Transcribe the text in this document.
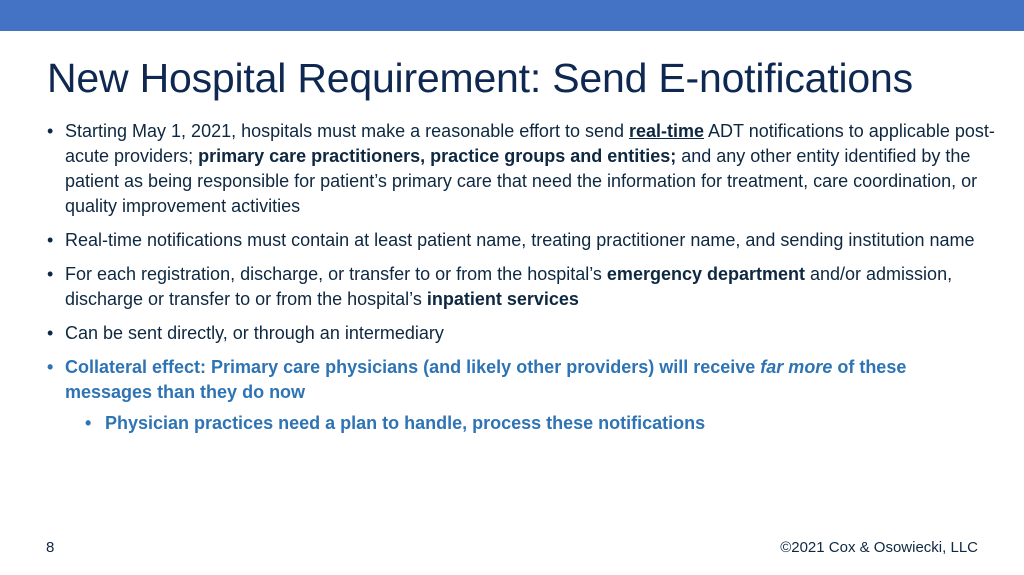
New Hospital Requirement: Send E-notifications
• Starting May 1, 2021, hospitals must make a reasonable effort to send real-time ADT notifications to applicable post-acute providers; primary care practitioners, practice groups and entities; and any other entity identified by the patient as being responsible for patient’s primary care that need the information for treatment, care coordination, or quality improvement activities
• Real-time notifications must contain at least patient name, treating practitioner name, and sending institution name
• For each registration, discharge, or transfer to or from the hospital’s emergency department and/or admission, discharge or transfer to or from the hospital’s inpatient services
• Can be sent directly, or through an intermediary
• Collateral effect: Primary care physicians (and likely other providers) will receive far more of these messages than they do now
• Physician practices need a plan to handle, process these notifications
8	©2021 Cox & Osowiecki, LLC
